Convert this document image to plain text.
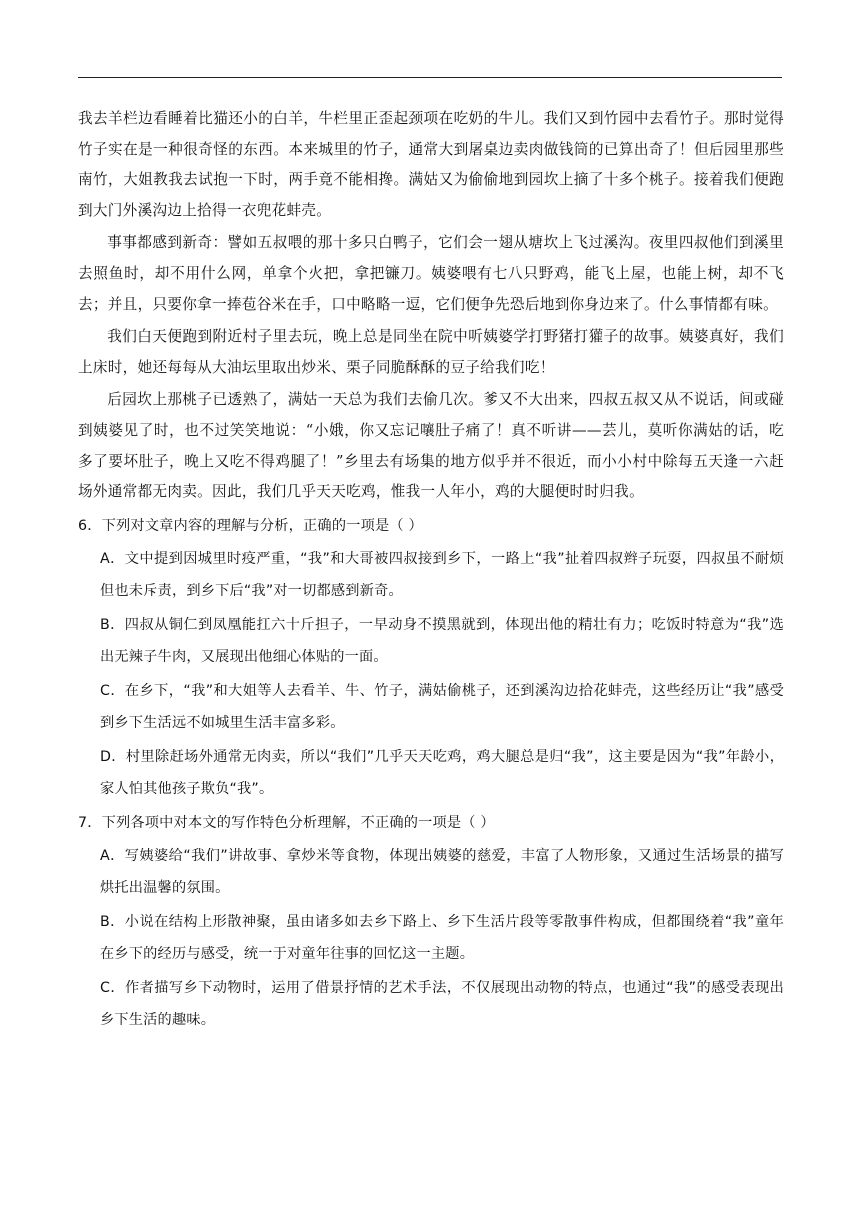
我去羊栏边看睡着比猫还小的白羊，牛栏里正歪起颈项在吃奶的牛儿。我们又到竹园中去看竹子。那时觉得竹子实在是一种很奇怪的东西。本来城里的竹子，通常大到屠桌边卖肉做钱筒的已算出奇了！但后园里那些南竹，大姐教我去试抱一下时，两手竟不能相搀。满姑又为偷偷地到园坎上摘了十多个桃子。接着我们便跑到大门外溪沟边上拾得一衣兜花蚌壳。

事事都感到新奇：譬如五叔喂的那十多只白鸭子，它们会一翅从塘坎上飞过溪沟。夜里四叔他们到溪里去照鱼时，却不用什么网，单拿个火把，拿把镰刀。姨婆喂有七八只野鸡，能飞上屋，也能上树，却不飞去；并且，只要你拿一捧苞谷米在手，口中略略一逗，它们便争先恐后地到你身边来了。什么事情都有味。

我们白天便跑到附近村子里去玩，晚上总是同坐在院中听姨婆学打野猪打獾子的故事。姨婆真好，我们上床时，她还每每从大油坛里取出炒米、栗子同脆酥酥的豆子给我们吃！

后园坎上那桃子已透熟了，满姑一天总为我们去偷几次。爹又不大出来，四叔五叔又从不说话，间或碰到姨婆见了时，也不过笑笑地说：“小娥，你又忘记嚷肚子痛了！真不听讲——芸儿，莫听你满姑的话，吃多了要坏肚子，晚上又吃不得鸡腿了！”乡里去有场集的地方似乎并不很近，而小小村中除每五天逢一六赶场外通常都无肉卖。因此，我们几乎天天吃鸡，惟我一人年小，鸡的大腿便时时归我。

6．下列对文章内容的理解与分析，正确的一项是（ ）

A．文中提到因城里时疫严重，“我”和大哥被四叔接到乡下，一路上“我”扯着四叔辫子玩耍，四叔虽不耐烦但也未斥责，到乡下后“我”对一切都感到新奇。

B．四叔从铜仁到凤凰能扛六十斤担子，一早动身不摸黑就到，体现出他的精壮有力；吃饭时特意为“我”选出无辣子牛肉，又展现出他细心体贴的一面。

C．在乡下，“我”和大姐等人去看羊、牛、竹子，满姑偷桃子，还到溪沟边拾花蚌壳，这些经历让“我”感受到乡下生活远不如城里生活丰富多彩。

D．村里除赶场外通常无肉卖，所以“我们”几乎天天吃鸡，鸡大腿总是归“我”，这主要是因为“我”年龄小，家人怕其他孩子欺负“我”。

7．下列各项中对本文的写作特色分析理解，不正确的一项是（ ）

A．写姨婆给“我们”讲故事、拿炒米等食物，体现出姨婆的慈爱，丰富了人物形象，又通过生活场景的描写烘托出温馨的氛围。

B．小说在结构上形散神聚，虽由诸多如去乡下路上、乡下生活片段等零散事件构成，但都围绕着“我”童年在乡下的经历与感受，统一于对童年往事的回忆这一主题。

C．作者描写乡下动物时，运用了借景抒情的艺术手法，不仅展现出动物的特点，也通过“我”的感受表现出乡下生活的趣味。
